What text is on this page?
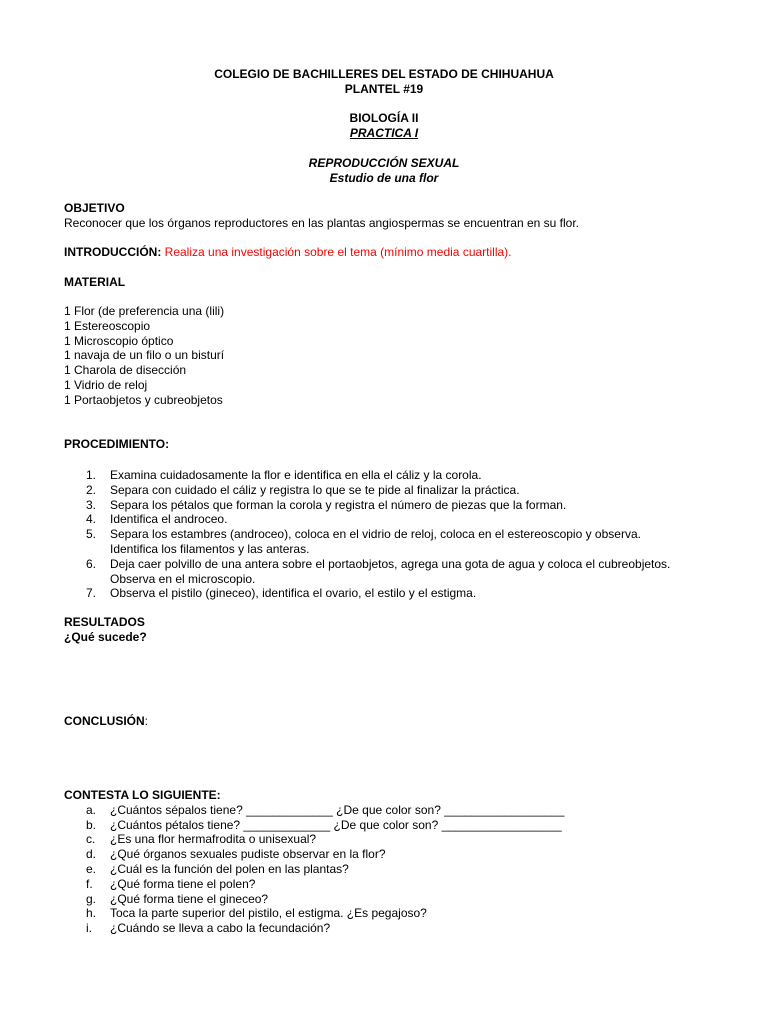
COLEGIO DE BACHILLERES DEL ESTADO DE CHIHUAHUA
PLANTEL #19
BIOLOGÍA II
PRACTICA I
REPRODUCCIÓN SEXUAL
Estudio de una flor
OBJETIVO
Reconocer que los órganos reproductores en las plantas angiospermas se encuentran en su flor.
INTRODUCCIÓN: Realiza una investigación sobre el tema (mínimo media cuartilla).
MATERIAL
1 Flor (de preferencia una (lili)
1 Estereoscopio
1 Microscopio óptico
1 navaja de un filo o un bisturí
1 Charola de disección
1 Vidrio de reloj
1 Portaobjetos y cubreobjetos
PROCEDIMIENTO:
1. Examina cuidadosamente la flor e identifica en ella el cáliz y la corola.
2. Separa con cuidado el cáliz y registra lo que se te pide al finalizar la práctica.
3. Separa los pétalos que forman la corola y registra el número de piezas que la forman.
4. Identifica el androceo.
5. Separa los estambres (androceo), coloca en el vidrio de reloj, coloca en el estereoscopio y observa.
Identifica los filamentos y las anteras.
6. Deja caer polvillo de una antera sobre el portaobjetos, agrega una gota de agua y coloca el cubreobjetos.
Observa en el microscopio.
7. Observa el pistilo (gineceo), identifica el ovario, el estilo y el estigma.
RESULTADOS
¿Qué sucede?
CONCLUSIÓN:
CONTESTA LO SIGUIENTE:
a. ¿Cuántos sépalos tiene? _____________ ¿De que color son? __________________
b. ¿Cuántos pétalos tiene? _____________ ¿De que color son? __________________
c. ¿Es una flor hermafrodita o unisexual?
d. ¿Qué órganos sexuales pudiste observar en la flor?
e. ¿Cuál es la función del polen en las plantas?
f. ¿Qué forma tiene el polen?
g. ¿Qué forma tiene el gineceo?
h. Toca la parte superior del pistilo, el estigma. ¿Es pegajoso?
i. ¿Cuándo se lleva a cabo la fecundación?
